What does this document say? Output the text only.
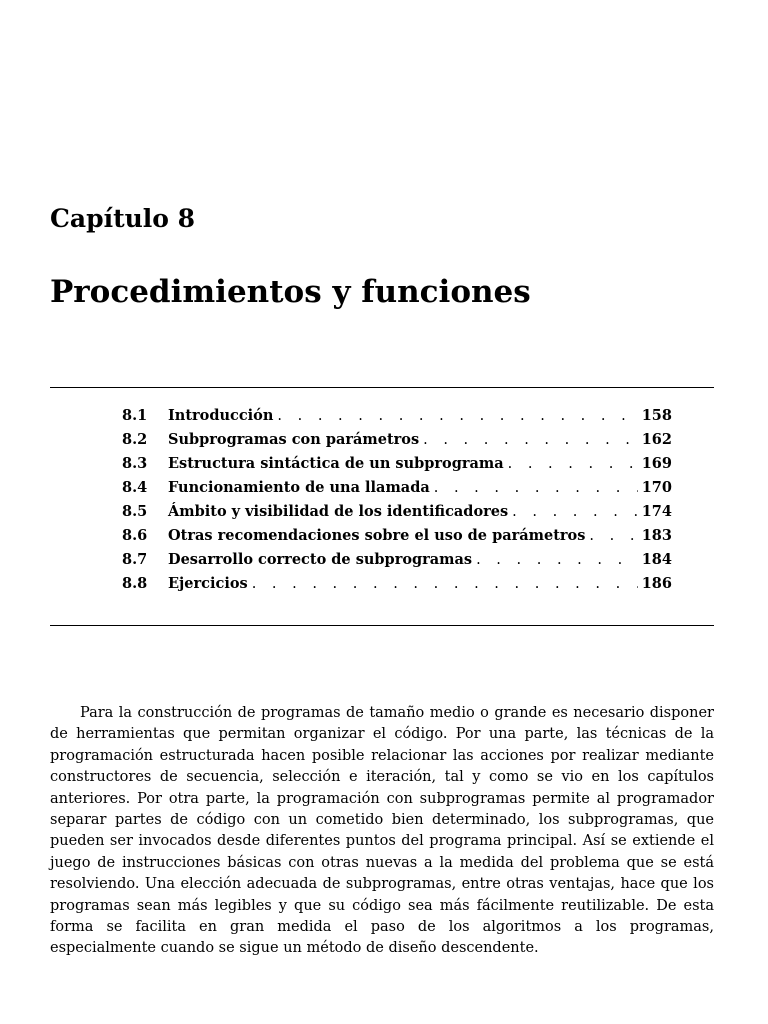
Capítulo 8
Procedimientos y funciones
8.1	Introducción . . .	158
8.2	Subprogramas con parámetros . . .	162
8.3	Estructura sintáctica de un subprograma . . .	169
8.4	Funcionamiento de una llamada . . .	170
8.5	Ámbito y visibilidad de los identificadores . . .	174
8.6	Otras recomendaciones sobre el uso de parámetros . . .	183
8.7	Desarrollo correcto de subprogramas . . .	184
8.8	Ejercicios . . .	186

Para la construcción de programas de tamaño medio o grande es necesario disponer de herramientas que permitan organizar el código. Por una parte, las técnicas de la programación estructurada hacen posible relacionar las acciones por realizar mediante constructores de secuencia, selección e iteración, tal y como se vio en los capítulos anteriores. Por otra parte, la programación con subprogramas permite al programador separar partes de código con un cometido bien determinado, los subprogramas, que pueden ser invocados desde diferentes puntos del programa principal. Así se extiende el juego de instrucciones básicas con otras nuevas a la medida del problema que se está resolviendo. Una elección adecuada de subprogramas, entre otras ventajas, hace que los programas sean más legibles y que su código sea más fácilmente reutilizable. De esta forma se facilita en gran medida el paso de los algoritmos a los programas, especialmente cuando se sigue un método de diseño descendente.
